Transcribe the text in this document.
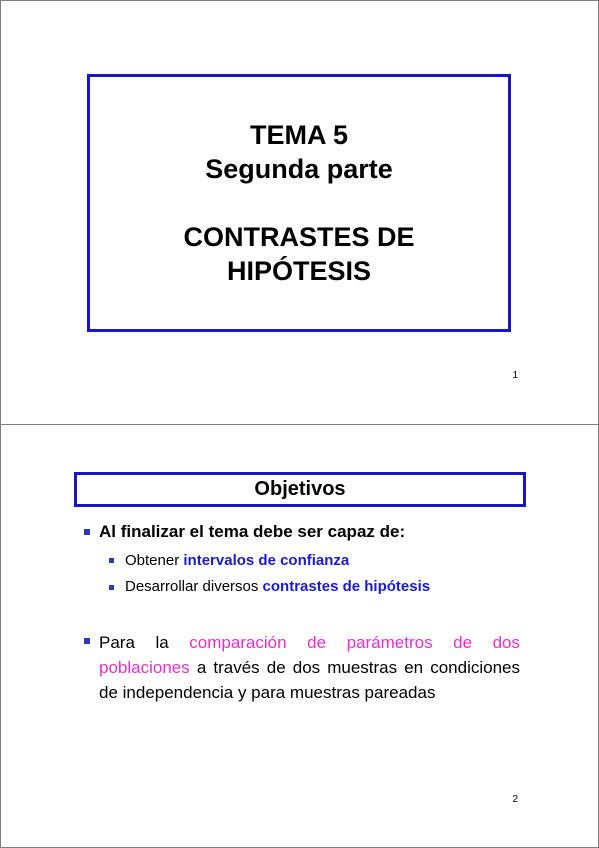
TEMA 5
Segunda parte
CONTRASTES DE
HIPÓTESIS
1
Objetivos
Al finalizar el tema debe ser capaz de:
Obtener intervalos de confianza
Desarrollar diversos contrastes de hipótesis
Para la comparación de parámetros de dos poblaciones a través de dos muestras en condiciones de independencia y para muestras pareadas
2
